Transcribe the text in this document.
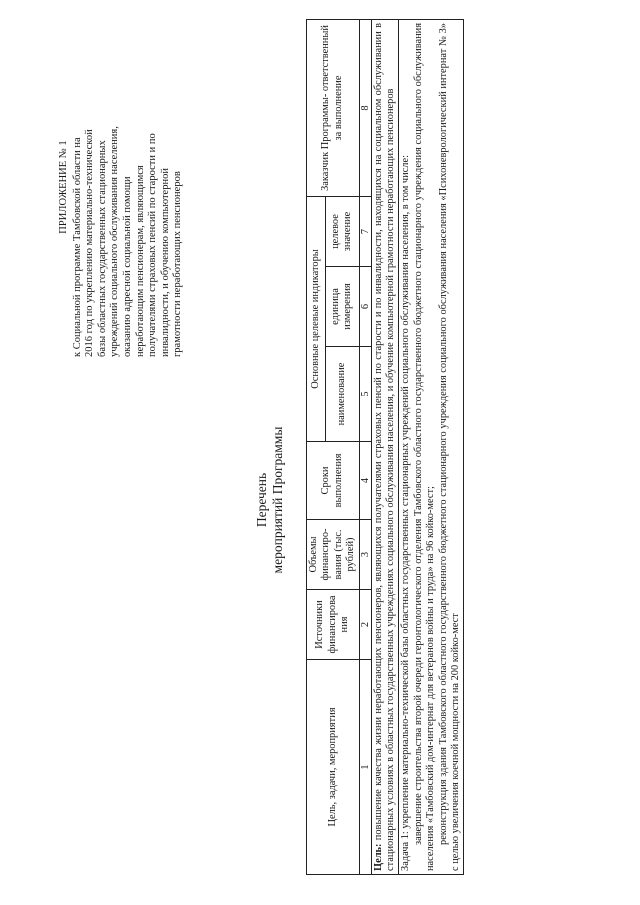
ПРИЛОЖЕНИЕ № 1 к Социальной программе Тамбовской области на 2016 год по укреплению материально-технической базы областных государственных стационарных учреждений социального обслуживания населения, оказанию адресной социальной помощи неработающим пенсионерам, являющимся получателями страховых пенсий по старости и по инвалидности, и обучению компьютерной грамотности неработающих пенсионеров
Перечень мероприятий Программы
Цель, задачи, мероприятия	Источники финансирова ния	Объемы финансиро- вания (тыс. рублей)	Сроки выполнения	Основные целевые индикаторы			Заказчик Программы- ответственный за выполнение
				наименование	единица измерения	целевое значение	
1	2	3	4	5	6	7	8
Цель: повышение качества жизни неработающих пенсионеров, являющихся получателями страховых пенсий по старости и по инвалидности, находящихся на социальном обслуживании в стационарных условиях в областных государственных учреждениях социального обслуживания населения, и обучение компьютерной грамотности неработающих пенсионеров							

Задача 1: укрепление материально-технической базы областных государственных стационарных учреждений социального обслуживания населения, в том числе: завершение строительства второй очереди геронтологического отделения Тамбовского областного государственного бюджетного стационарного учреждения социального обслуживания населения «Тамбовский дом-интернат для ветеранов войны и труда» на 96 койко-мест; реконструкция здания Тамбовского областного государственного бюджетного стационарного учреждения социального обслуживания населения «Психоневрологический интернат № 3» с целью увеличения коечной мощности на 200 койко-мест							
